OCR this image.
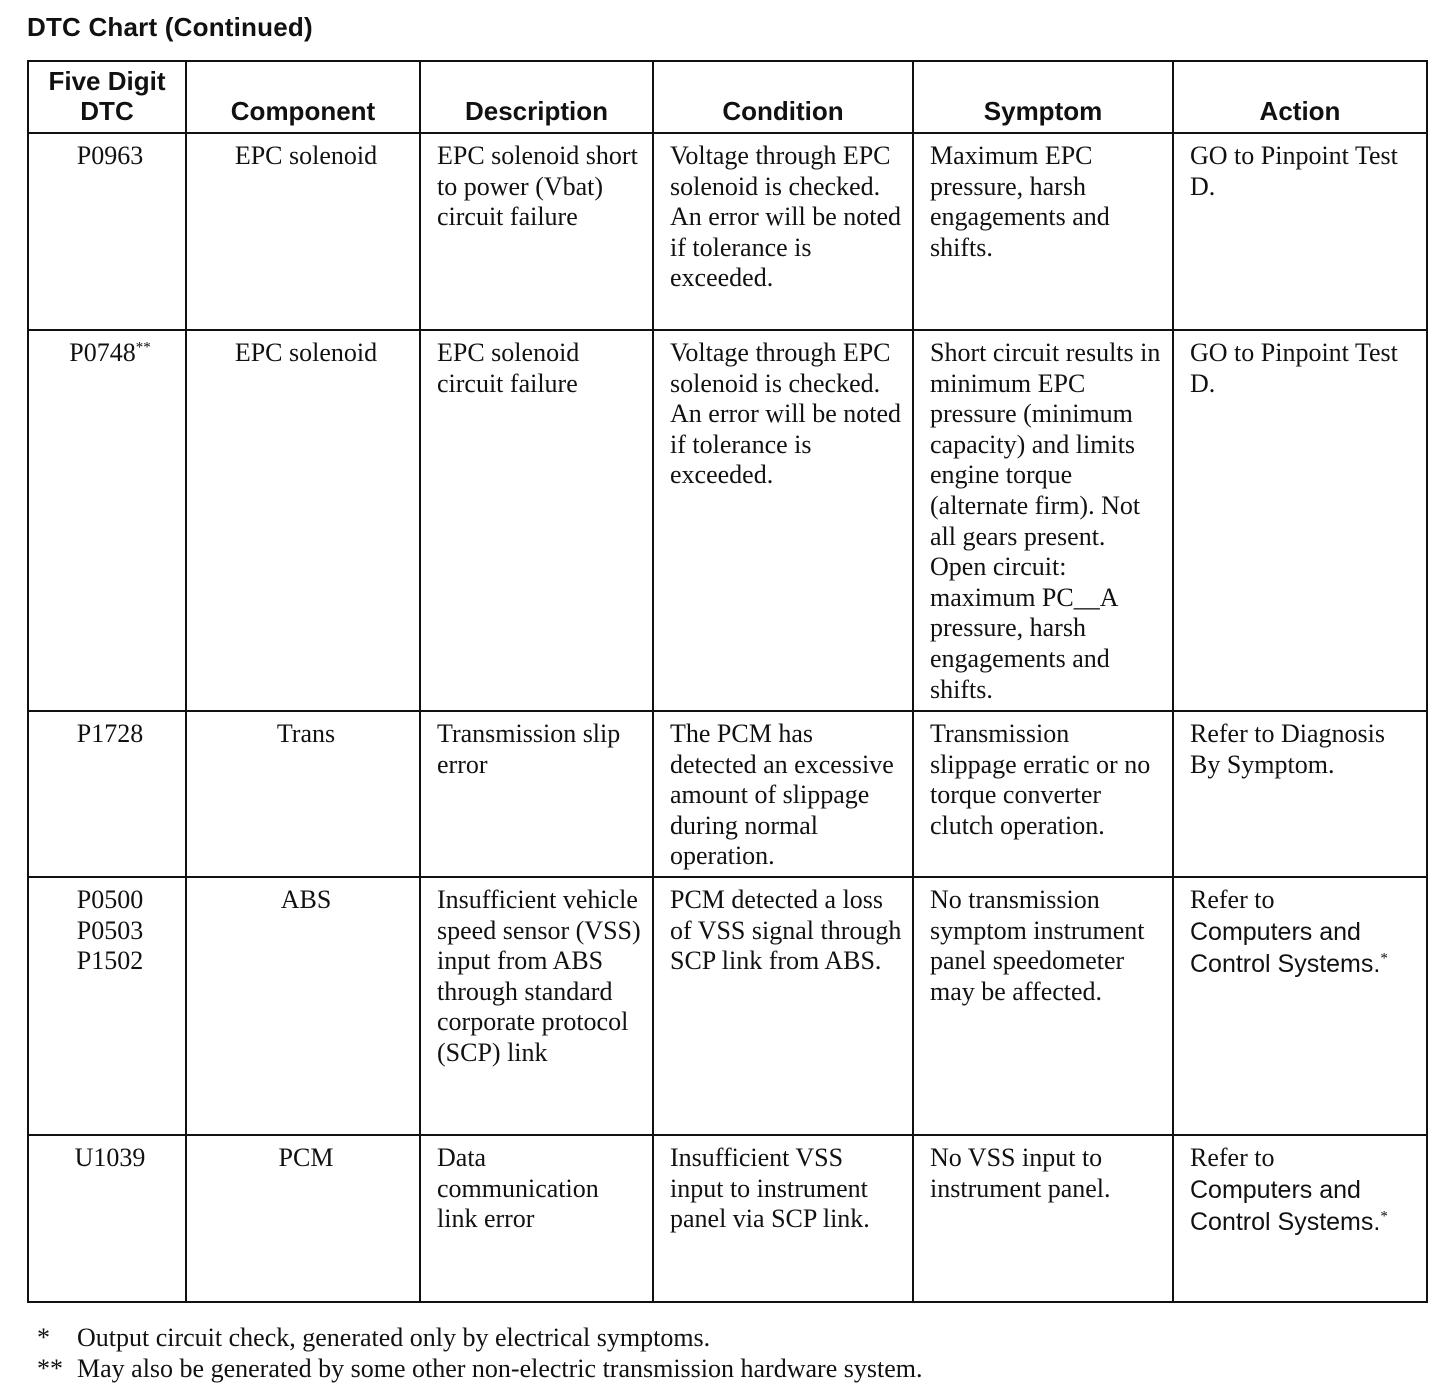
DTC Chart (Continued)
Five Digit
DTC	Component	Description	Condition	Symptom	Action
P0963	EPC solenoid	EPC solenoid short to power (Vbat) circuit failure	Voltage through EPC solenoid is checked. An error will be noted if tolerance is exceeded.	Maximum EPC pressure, harsh engagements and shifts.	GO to Pinpoint Test D.
P0748**	EPC solenoid	EPC solenoid circuit failure	Voltage through EPC solenoid is checked. An error will be noted if tolerance is exceeded.	Short circuit results in minimum EPC pressure (minimum capacity) and limits engine torque (alternate firm). Not all gears present. Open circuit: maximum PC__A pressure, harsh engagements and shifts.	GO to Pinpoint Test D.
P1728	Trans	Transmission slip error	The PCM has detected an excessive amount of slippage during normal operation.	Transmission slippage erratic or no torque converter clutch operation.	Refer to Diagnosis By Symptom.
P0500
P0503
P1502	ABS	Insufficient vehicle speed sensor (VSS) input from ABS through standard corporate protocol (SCP) link	PCM detected a loss of VSS signal through SCP link from ABS.	No transmission symptom instrument panel speedometer may be affected.	Refer to
Computers and Control Systems.*
U1039	PCM	Data communication link error	Insufficient VSS input to instrument panel via SCP link.	No VSS input to instrument panel.	Refer to
Computers and Control Systems.*
*	Output circuit check, generated only by electrical symptoms.
** May also be generated by some other non-electric transmission hardware system.
